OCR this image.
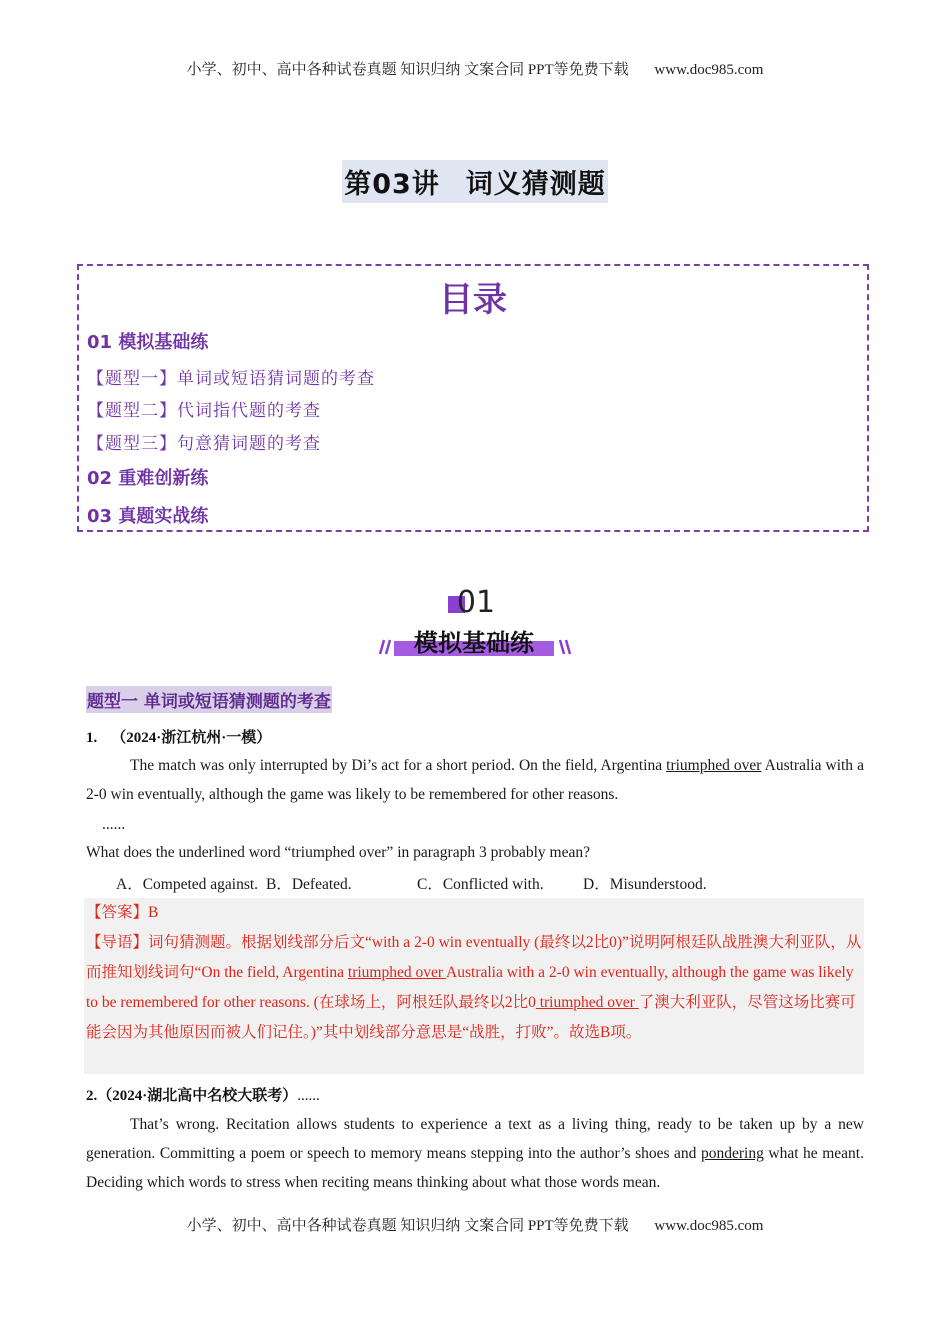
小学、初中、高中各种试卷真题 知识归纳 文案合同 PPT等免费下载 www.doc985.com
第03讲 词义猜测题
目录
01 模拟基础练
【题型一】单词或短语猜词题的考查
【题型二】代词指代题的考查
【题型三】句意猜词题的考查
02 重难创新练
03 真题实战练
01
模拟基础练
题型一 单词或短语猜测题的考查
1. （2024·浙江杭州·一模）
The match was only interrupted by Di’s act for a short period. On the field, Argentina triumphed over Australia with a 2-0 win eventually, although the game was likely to be remembered for other reasons.
......
What does the underlined word “triumphed over” in paragraph 3 probably mean?
A．Competed against. B．Defeated.	C．Conflicted with.	D．Misunderstood.
【答案】B
【导语】词句猜测题。根据划线部分后文“with a 2-0 win eventually (最终以2比0)”说明阿根廷队战胜澳大利亚队，从而推知划线词句“On the field, Argentina triumphed over Australia with a 2-0 win eventually, although the game was likely to be remembered for other reasons. (在球场上，阿根廷队最终以2比0 triumphed over 了澳大利亚队，尽管这场比赛可能会因为其他原因而被人们记住。)”其中划线部分意思是“战胜，打败”。故选B项。
2.（2024·湖北高中名校大联考）......
That’s wrong. Recitation allows students to experience a text as a living thing, ready to be taken up by a new generation. Committing a poem or speech to memory means stepping into the author’s shoes and pondering what he meant. Deciding which words to stress when reciting means thinking about what those words mean.
小学、初中、高中各种试卷真题 知识归纳 文案合同 PPT等免费下载 www.doc985.com
